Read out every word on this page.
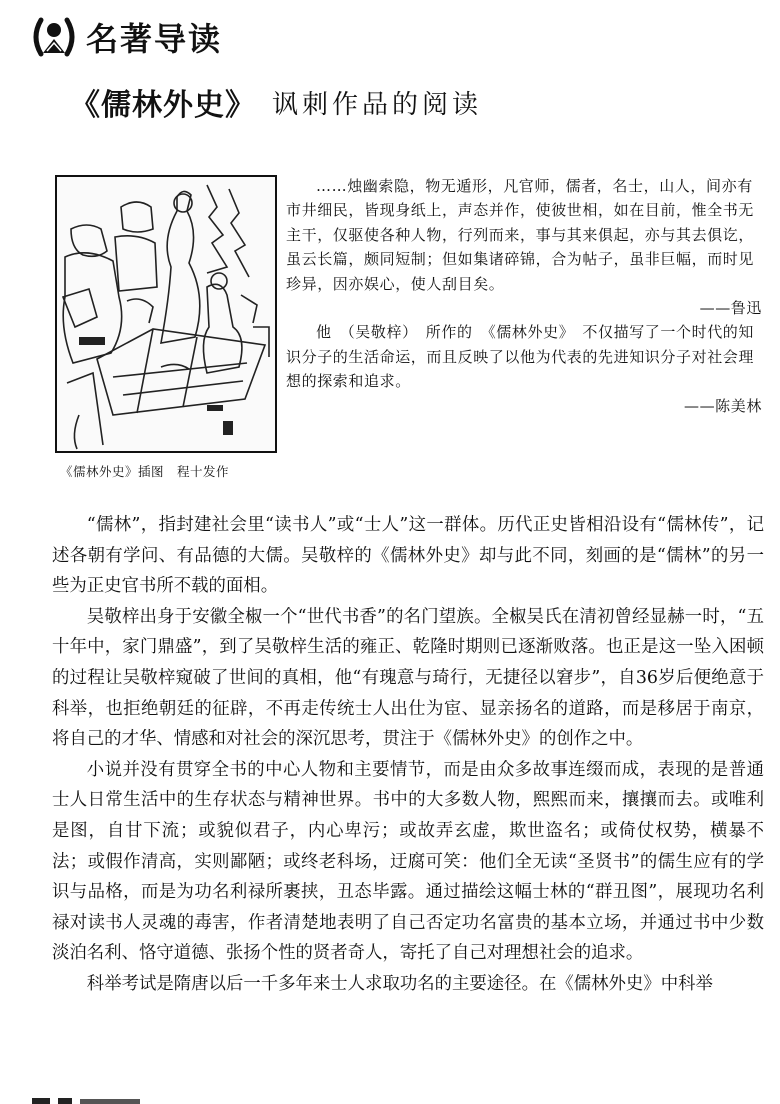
名著导读
《儒林外史》 讽刺作品的阅读
《儒林外史》插图　程十发作

……烛幽索隐，物无遁形，凡官师，儒者，名士，山人，间亦有市井细民，皆现身纸上，声态并作，使彼世相，如在目前，惟全书无主干，仅驱使各种人物，行列而来，事与其来俱起，亦与其去俱讫，虽云长篇，颇同短制；但如集诸碎锦，合为帖子，虽非巨幅，而时见珍异，因亦娱心，使人刮目矣。

——鲁迅

他　（吴敬梓）　所作的　《儒林外史》　不仅描写了一个时代的知识分子的生活命运，而且反映了以他为代表的先进知识分子对社会理想的探索和追求。

——陈美林

“儒林”，指封建社会里“读书人”或“士人”这一群体。历代正史皆相沿设有“儒林传”，记述各朝有学问、有品德的大儒。吴敬梓的《儒林外史》却与此不同，刻画的是“儒林”的另一些为正史官书所不载的面相。

吴敬梓出身于安徽全椒一个“世代书香”的名门望族。全椒吴氏在清初曾经显赫一时，“五十年中，家门鼎盛”，到了吴敬梓生活的雍正、乾隆时期则已逐渐败落。也正是这一坠入困顿的过程让吴敬梓窥破了世间的真相，他“有瑰意与琦行，无捷径以窘步”，自36岁后便绝意于科举，也拒绝朝廷的征辟，不再走传统士人出仕为宦、显亲扬名的道路，而是移居于南京，将自己的才华、情感和对社会的深沉思考，贯注于《儒林外史》的创作之中。

小说并没有贯穿全书的中心人物和主要情节，而是由众多故事连缀而成，表现的是普通士人日常生活中的生存状态与精神世界。书中的大多数人物，熙熙而来，攘攘而去。或唯利是图，自甘下流；或貌似君子，内心卑污；或故弄玄虚，欺世盗名；或倚仗权势，横暴不法；或假作清高，实则鄙陋；或终老科场，迂腐可笑：他们全无读“圣贤书”的儒生应有的学识与品格，而是为功名利禄所裹挟，丑态毕露。通过描绘这幅士林的“群丑图”，展现功名利禄对读书人灵魂的毒害，作者清楚地表明了自己否定功名富贵的基本立场，并通过书中少数淡泊名利、恪守道德、张扬个性的贤者奇人，寄托了自己对理想社会的追求。

科举考试是隋唐以后一千多年来士人求取功名的主要途径。在《儒林外史》中科举
